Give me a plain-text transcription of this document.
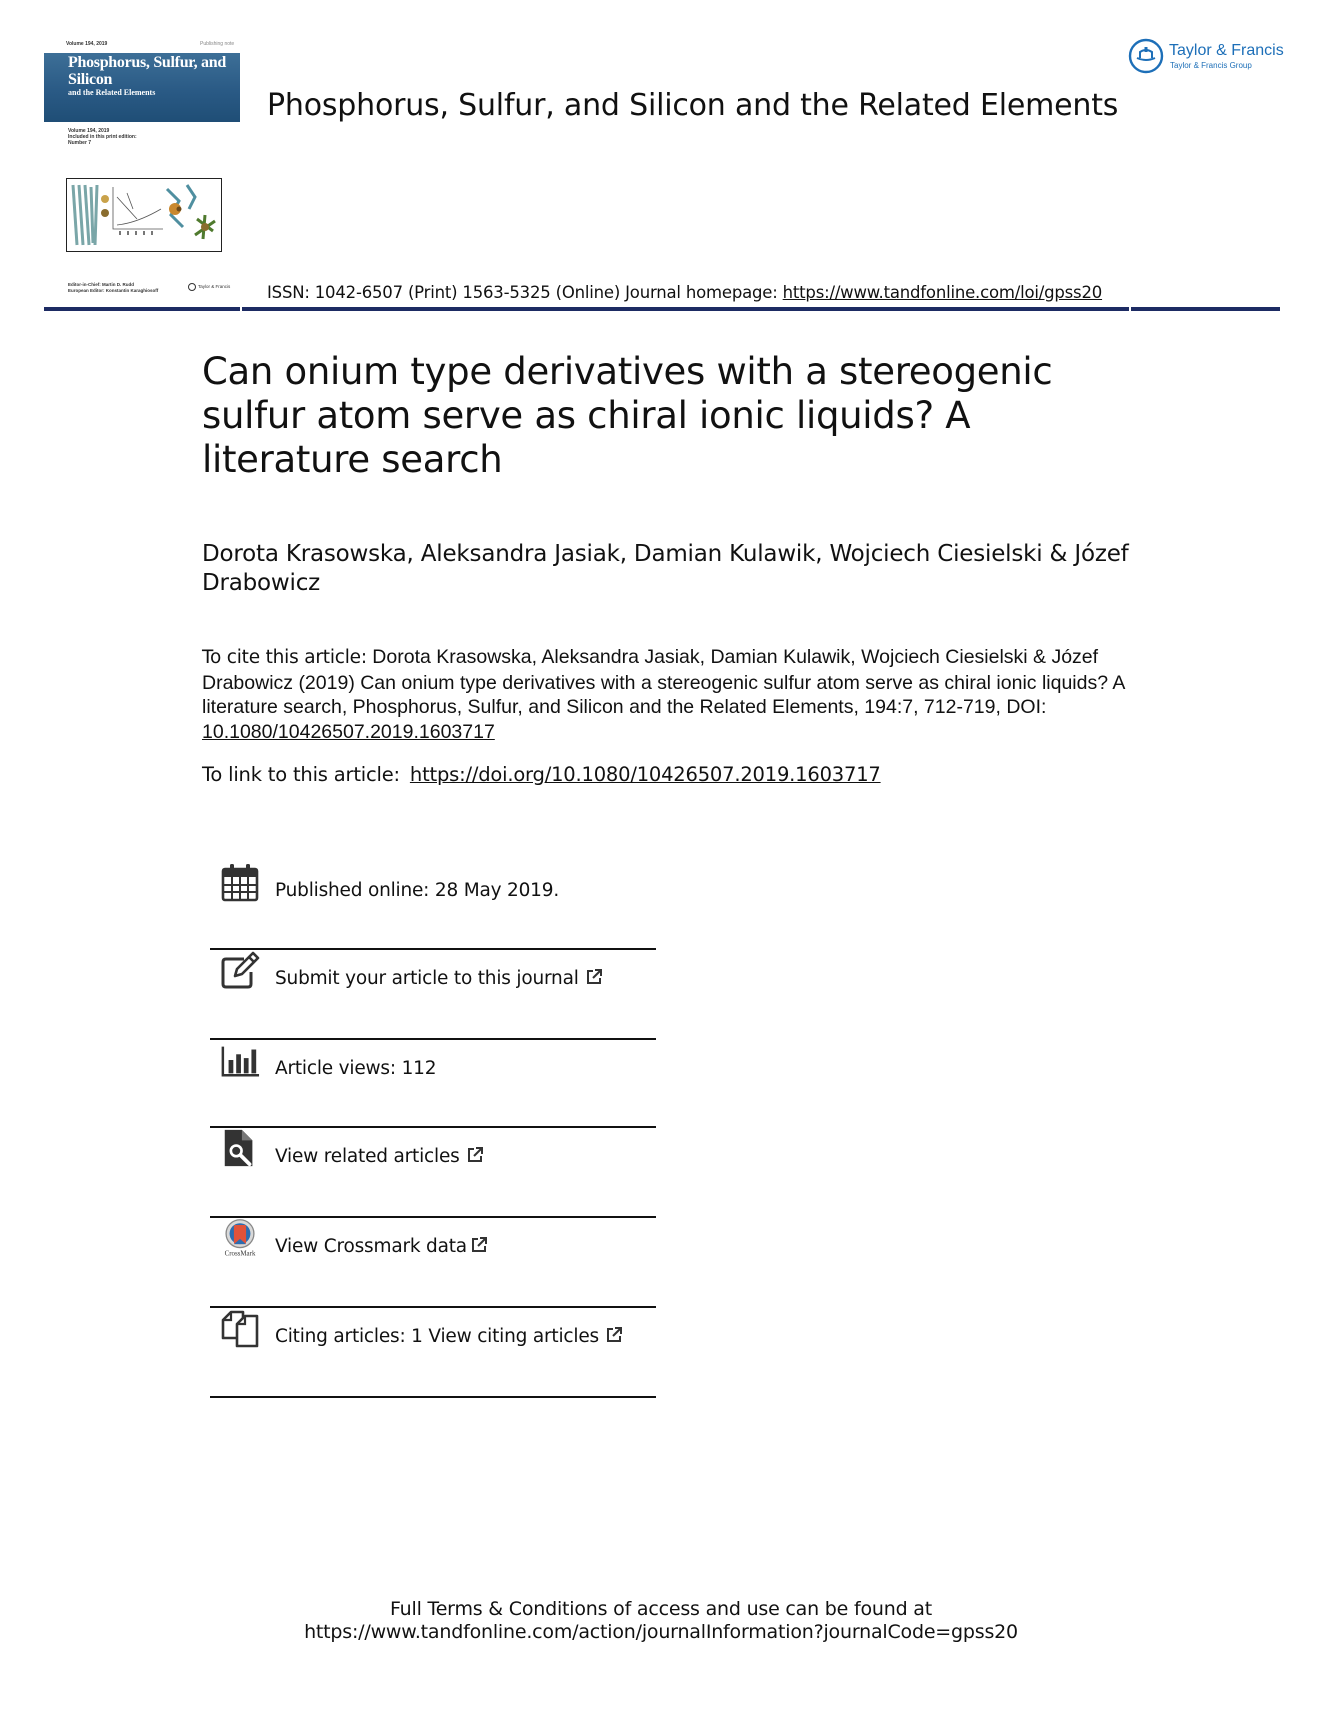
Volume 194, 2019	Publishing note
Phosphorus, Sulfur, and Silicon
and the Related Elements
Volume 194, 2019
Included in this print edition:
Number 7
Editor-in-Chief: Martin D. Rudd
European Editor: Konstantin Karaghiosoff
Taylor & Francis
Taylor & Francis
Taylor & Francis Group
Phosphorus, Sulfur, and Silicon and the Related Elements
ISSN: 1042-6507 (Print) 1563-5325 (Online) Journal homepage: https://www.tandfonline.com/loi/gpss20
Can onium type derivatives with a stereogenic sulfur atom serve as chiral ionic liquids? A literature search
Dorota Krasowska, Aleksandra Jasiak, Damian Kulawik, Wojciech Ciesielski & Józef Drabowicz
To cite this article: Dorota Krasowska, Aleksandra Jasiak, Damian Kulawik, Wojciech Ciesielski & Józef Drabowicz (2019) Can onium type derivatives with a stereogenic sulfur atom serve as chiral ionic liquids? A literature search, Phosphorus, Sulfur, and Silicon and the Related Elements, 194:7, 712-719, DOI: 10.1080/10426507.2019.1603717
To link to this article: https://doi.org/10.1080/10426507.2019.1603717
Published online: 28 May 2019.
Submit your article to this journal
Article views: 112
View related articles
CrossMark View Crossmark data
Citing articles: 1 View citing articles
Full Terms & Conditions of access and use can be found at
https://www.tandfonline.com/action/journalInformation?journalCode=gpss20
